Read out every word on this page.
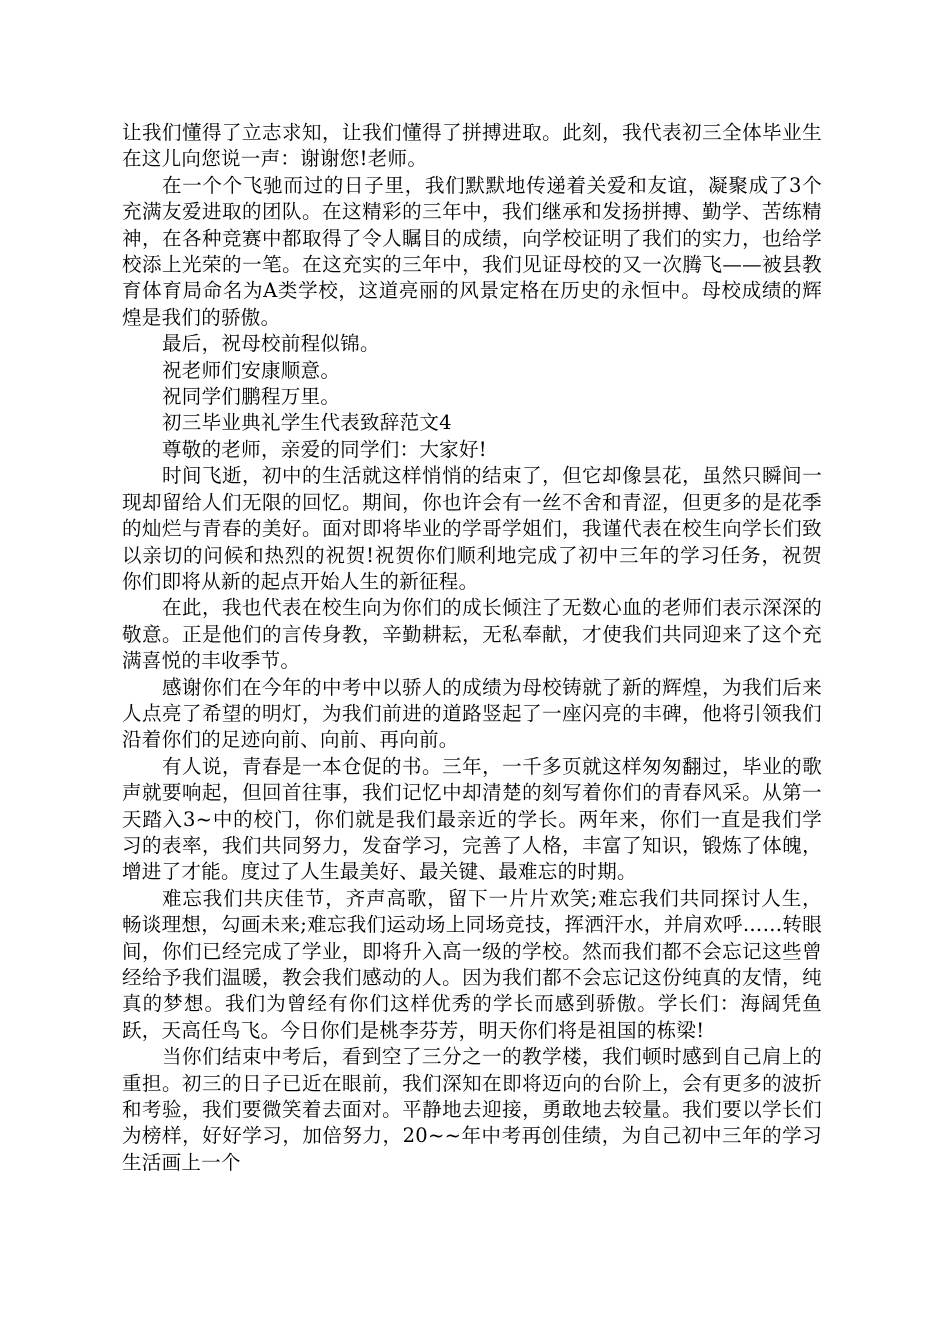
让我们懂得了立志求知，让我们懂得了拼搏进取。此刻，我代表初三全体毕业生在这儿向您说一声：谢谢您!老师。

在一个个飞驰而过的日子里，我们默默地传递着关爱和友谊，凝聚成了3个充满友爱进取的团队。在这精彩的三年中，我们继承和发扬拼搏、勤学、苦练精神，在各种竞赛中都取得了令人瞩目的成绩，向学校证明了我们的实力，也给学校添上光荣的一笔。在这充实的三年中，我们见证母校的又一次腾飞——被县教育体育局命名为A类学校，这道亮丽的风景定格在历史的永恒中。母校成绩的辉煌是我们的骄傲。

最后，祝母校前程似锦。

祝老师们安康顺意。

祝同学们鹏程万里。

初三毕业典礼学生代表致辞范文4

尊敬的老师，亲爱的同学们：大家好!

时间飞逝，初中的生活就这样悄悄的结束了，但它却像昙花，虽然只瞬间一现却留给人们无限的回忆。期间，你也许会有一丝不舍和青涩，但更多的是花季的灿烂与青春的美好。面对即将毕业的学哥学姐们，我谨代表在校生向学长们致以亲切的问候和热烈的祝贺!祝贺你们顺利地完成了初中三年的学习任务，祝贺你们即将从新的起点开始人生的新征程。

在此，我也代表在校生向为你们的成长倾注了无数心血的老师们表示深深的敬意。正是他们的言传身教，辛勤耕耘，无私奉献，才使我们共同迎来了这个充满喜悦的丰收季节。

感谢你们在今年的中考中以骄人的成绩为母校铸就了新的辉煌，为我们后来人点亮了希望的明灯，为我们前进的道路竖起了一座闪亮的丰碑，他将引领我们沿着你们的足迹向前、向前、再向前。

有人说，青春是一本仓促的书。三年，一千多页就这样匆匆翻过，毕业的歌声就要响起，但回首往事，我们记忆中却清楚的刻写着你们的青春风采。从第一天踏入3~中的校门，你们就是我们最亲近的学长。两年来，你们一直是我们学习的表率，我们共同努力，发奋学习，完善了人格，丰富了知识，锻炼了体魄，增进了才能。度过了人生最美好、最关键、最难忘的时期。

难忘我们共庆佳节，齐声高歌，留下一片片欢笑;难忘我们共同探讨人生，畅谈理想，勾画未来;难忘我们运动场上同场竞技，挥洒汗水，并肩欢呼……转眼间，你们已经完成了学业，即将升入高一级的学校。然而我们都不会忘记这些曾经给予我们温暖，教会我们感动的人。因为我们都不会忘记这份纯真的友情，纯真的梦想。我们为曾经有你们这样优秀的学长而感到骄傲。学长们：海阔凭鱼跃，天高任鸟飞。今日你们是桃李芬芳，明天你们将是祖国的栋梁!

当你们结束中考后，看到空了三分之一的教学楼，我们顿时感到自己肩上的重担。初三的日子已近在眼前，我们深知在即将迈向的台阶上，会有更多的波折和考验，我们要微笑着去面对。平静地去迎接，勇敢地去较量。我们要以学长们为榜样，好好学习，加倍努力，20~~年中考再创佳绩，为自己初中三年的学习生活画上一个
